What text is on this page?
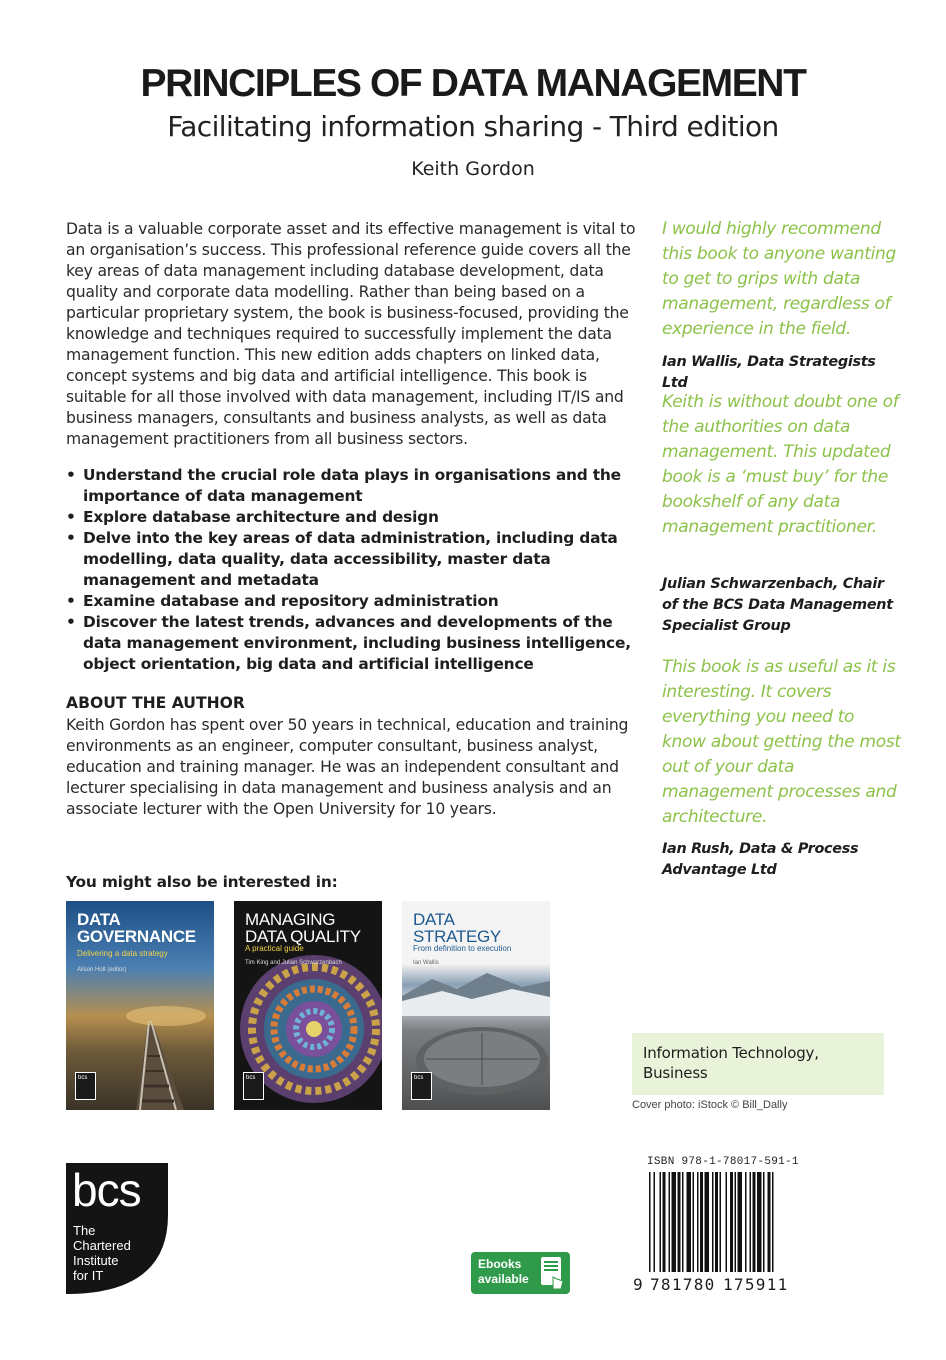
PRINCIPLES OF DATA MANAGEMENT
Facilitating information sharing - Third edition
Keith Gordon

Data is a valuable corporate asset and its effective management is vital to an organisation’s success. This professional reference guide covers all the key areas of data management including database development, data quality and corporate data modelling. Rather than being based on a particular proprietary system, the book is business-focused, providing the knowledge and techniques required to successfully implement the data management function. This new edition adds chapters on linked data, concept systems and big data and artificial intelligence. This book is suitable for all those involved with data management, including IT/IS and business managers, consultants and business analysts, as well as data management practitioners from all business sectors.

• Understand the crucial role data plays in organisations and the importance of data management
• Explore database architecture and design
• Delve into the key areas of data administration, including data modelling, data quality, data accessibility, master data management and metadata
• Examine database and repository administration
• Discover the latest trends, advances and developments of the data management environment, including business intelligence, object orientation, big data and artificial intelligence
ABOUT THE AUTHOR

Keith Gordon has spent over 50 years in technical, education and training environments as an engineer, computer consultant, business analyst, education and training manager. He was an independent consultant and lecturer specialising in data management and business analysis and an associate lecturer with the Open University for 10 years.

I would highly recommend this book to anyone wanting to get to grips with data management, regardless of experience in the field.

Ian Wallis, Data Strategists Ltd

Keith is without doubt one of the authorities on data management. This updated book is a ‘must buy’ for the bookshelf of any data management practitioner.

Julian Schwarzenbach, Chair of the BCS Data Management Specialist Group

This book is as useful as it is interesting. It covers everything you need to know about getting the most out of your data management processes and architecture.

Ian Rush, Data & Process Advantage Ltd

You might also be interested in:
DATA
GOVERNANCE
Delivering a data strategy
Alison Holt (editor)
bcs
MANAGING
DATA QUALITY
A practical guide
Tim King and Julian Schwarzenbach
bcs
DATA
STRATEGY
From definition to execution
Ian Wallis
bcs
Information Technology, Business
Cover photo: iStock © Bill_Dally
bcs
The
Chartered
Institute
for IT
Ebooks
available
ISBN 978-1-78017-591-1
9 781780 175911
